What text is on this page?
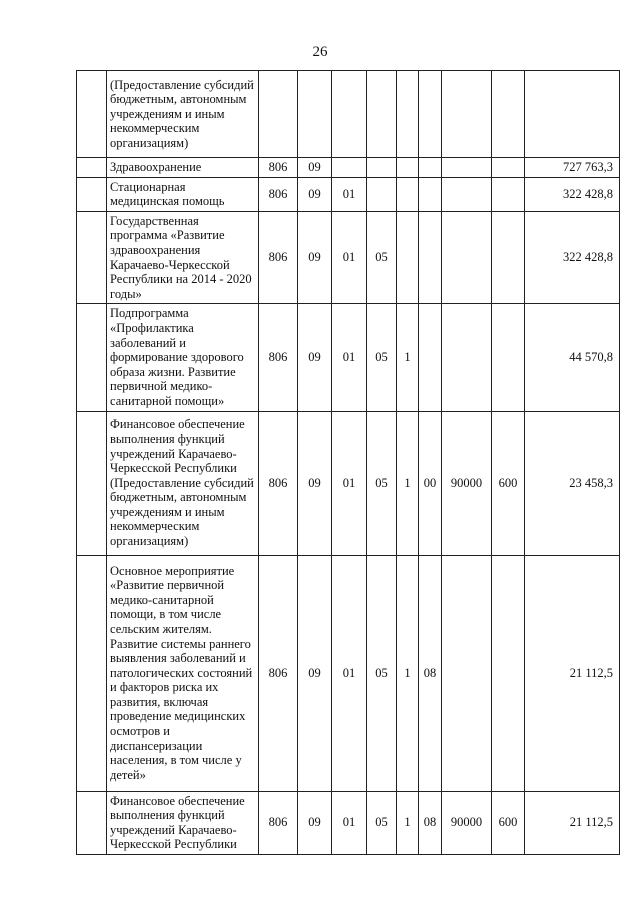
26
	(Предоставление субсидий бюджетным, автономным учреждениям и иным некоммерческим организациям)									
	Здравоохранение	806	09							727 763,3
	Стационарная медицинская помощь	806	09	01						322 428,8
	Государственная программа «Развитие здравоохранения Карачаево-Черкесской Республики на 2014 - 2020 годы»	806	09	01	05					322 428,8
	Подпрограмма «Профилактика заболеваний и формирование здорового образа жизни. Развитие первичной медико-санитарной помощи»	806	09	01	05	1				44 570,8
	Финансовое обеспечение выполнения функций учреждений Карачаево-Черкесской Республики (Предоставление субсидий бюджетным, автономным учреждениям и иным некоммерческим организациям)	806	09	01	05	1	00	90000	600	23 458,3
	Основное мероприятие «Развитие первичной медико-санитарной помощи, в том числе сельским жителям. Развитие системы раннего выявления заболеваний и патологических состояний и факторов риска их развития, включая проведение медицинских осмотров и диспансеризации населения, в том числе у детей»	806	09	01	05	1	08			21 112,5
	Финансовое обеспечение выполнения функций учреждений Карачаево-Черкесской Республики	806	09	01	05	1	08	90000	600	21 112,5
